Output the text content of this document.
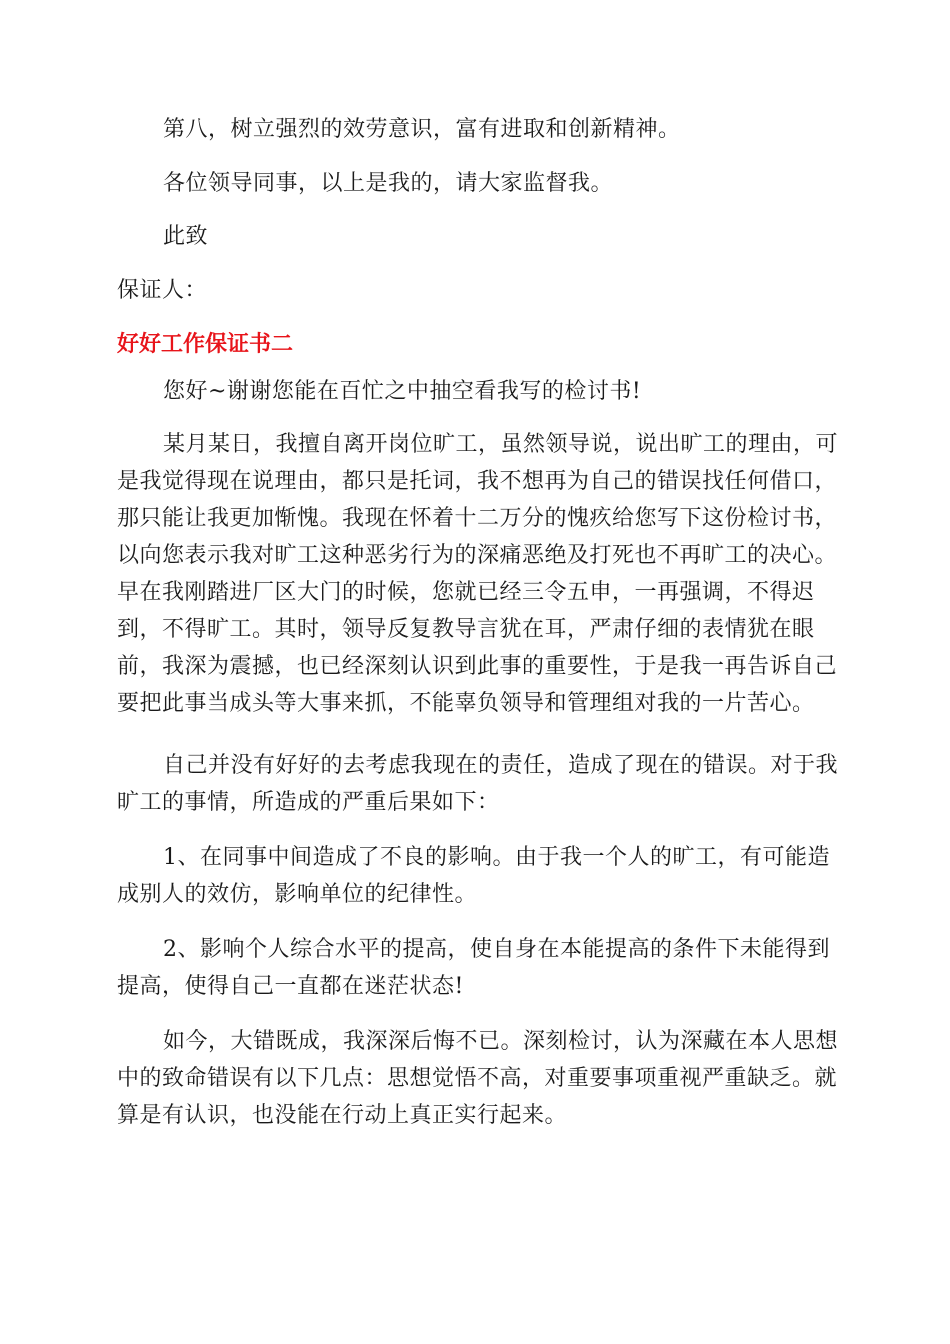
第八，树立强烈的效劳意识，富有进取和创新精神。
各位领导同事，以上是我的，请大家监督我。
此致
保证人：
好好工作保证书二
您好~谢谢您能在百忙之中抽空看我写的检讨书!
某月某日，我擅自离开岗位旷工，虽然领导说，说出旷工的理由，可
是我觉得现在说理由，都只是托词，我不想再为自己的错误找任何借口，
那只能让我更加惭愧。我现在怀着十二万分的愧疚给您写下这份检讨书，
以向您表示我对旷工这种恶劣行为的深痛恶绝及打死也不再旷工的决心。
早在我刚踏进厂区大门的时候，您就已经三令五申，一再强调，不得迟
到，不得旷工。其时，领导反复教导言犹在耳，严肃仔细的表情犹在眼
前，我深为震撼，也已经深刻认识到此事的重要性，于是我一再告诉自己
要把此事当成头等大事来抓，不能辜负领导和管理组对我的一片苦心。
自己并没有好好的去考虑我现在的责任，造成了现在的错误。对于我
旷工的事情，所造成的严重后果如下：
1、在同事中间造成了不良的影响。由于我一个人的旷工，有可能造
成别人的效仿，影响单位的纪律性。
2、影响个人综合水平的提高，使自身在本能提高的条件下未能得到
提高，使得自己一直都在迷茫状态!
如今，大错既成，我深深后悔不已。深刻检讨，认为深藏在本人思想
中的致命错误有以下几点：思想觉悟不高，对重要事项重视严重缺乏。就
算是有认识，也没能在行动上真正实行起来。
